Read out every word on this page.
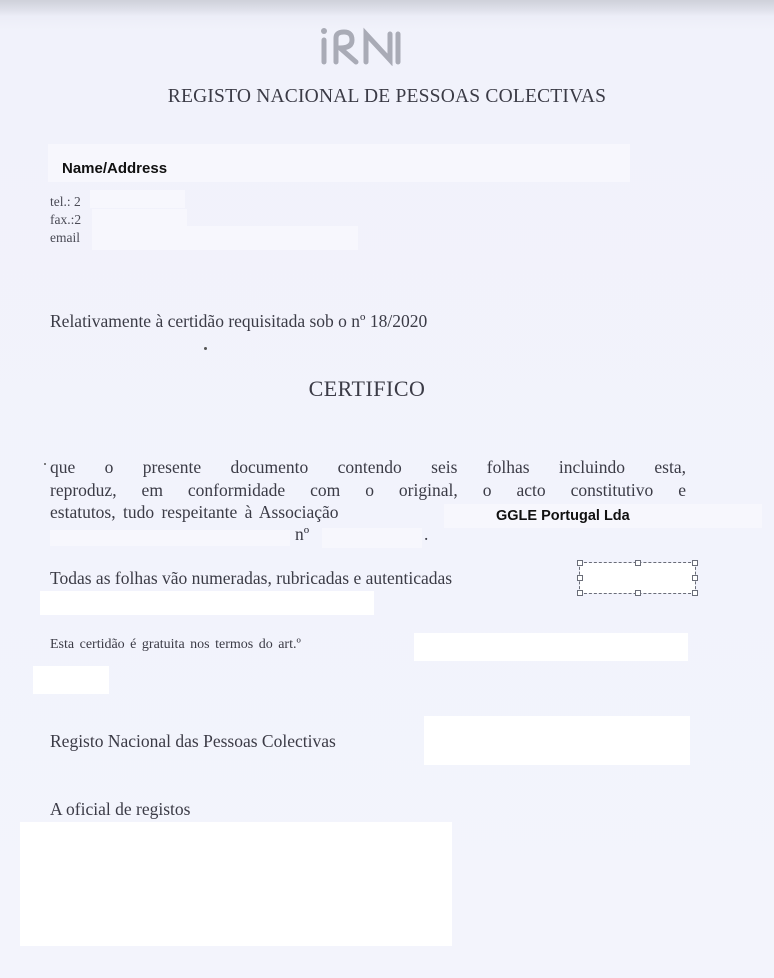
REGISTO NACIONAL DE PESSOAS COLECTIVAS
Name/Address
tel.: 2
fax.:2
email
Relativamente à certidão requisitada sob o nº 18/2020
CERTIFICO
que o presente documento contendo seis folhas incluindo esta,
reproduz, em conformidade com o original, o acto constitutivo e
estatutos, tudo respeitante à Associação	GGLE Portugal Lda
nº	.
Todas as folhas vão numeradas, rubricadas e autenticadas
Esta certidão é gratuita nos termos do art.º
Registo Nacional das Pessoas Colectivas
A oficial de registos
